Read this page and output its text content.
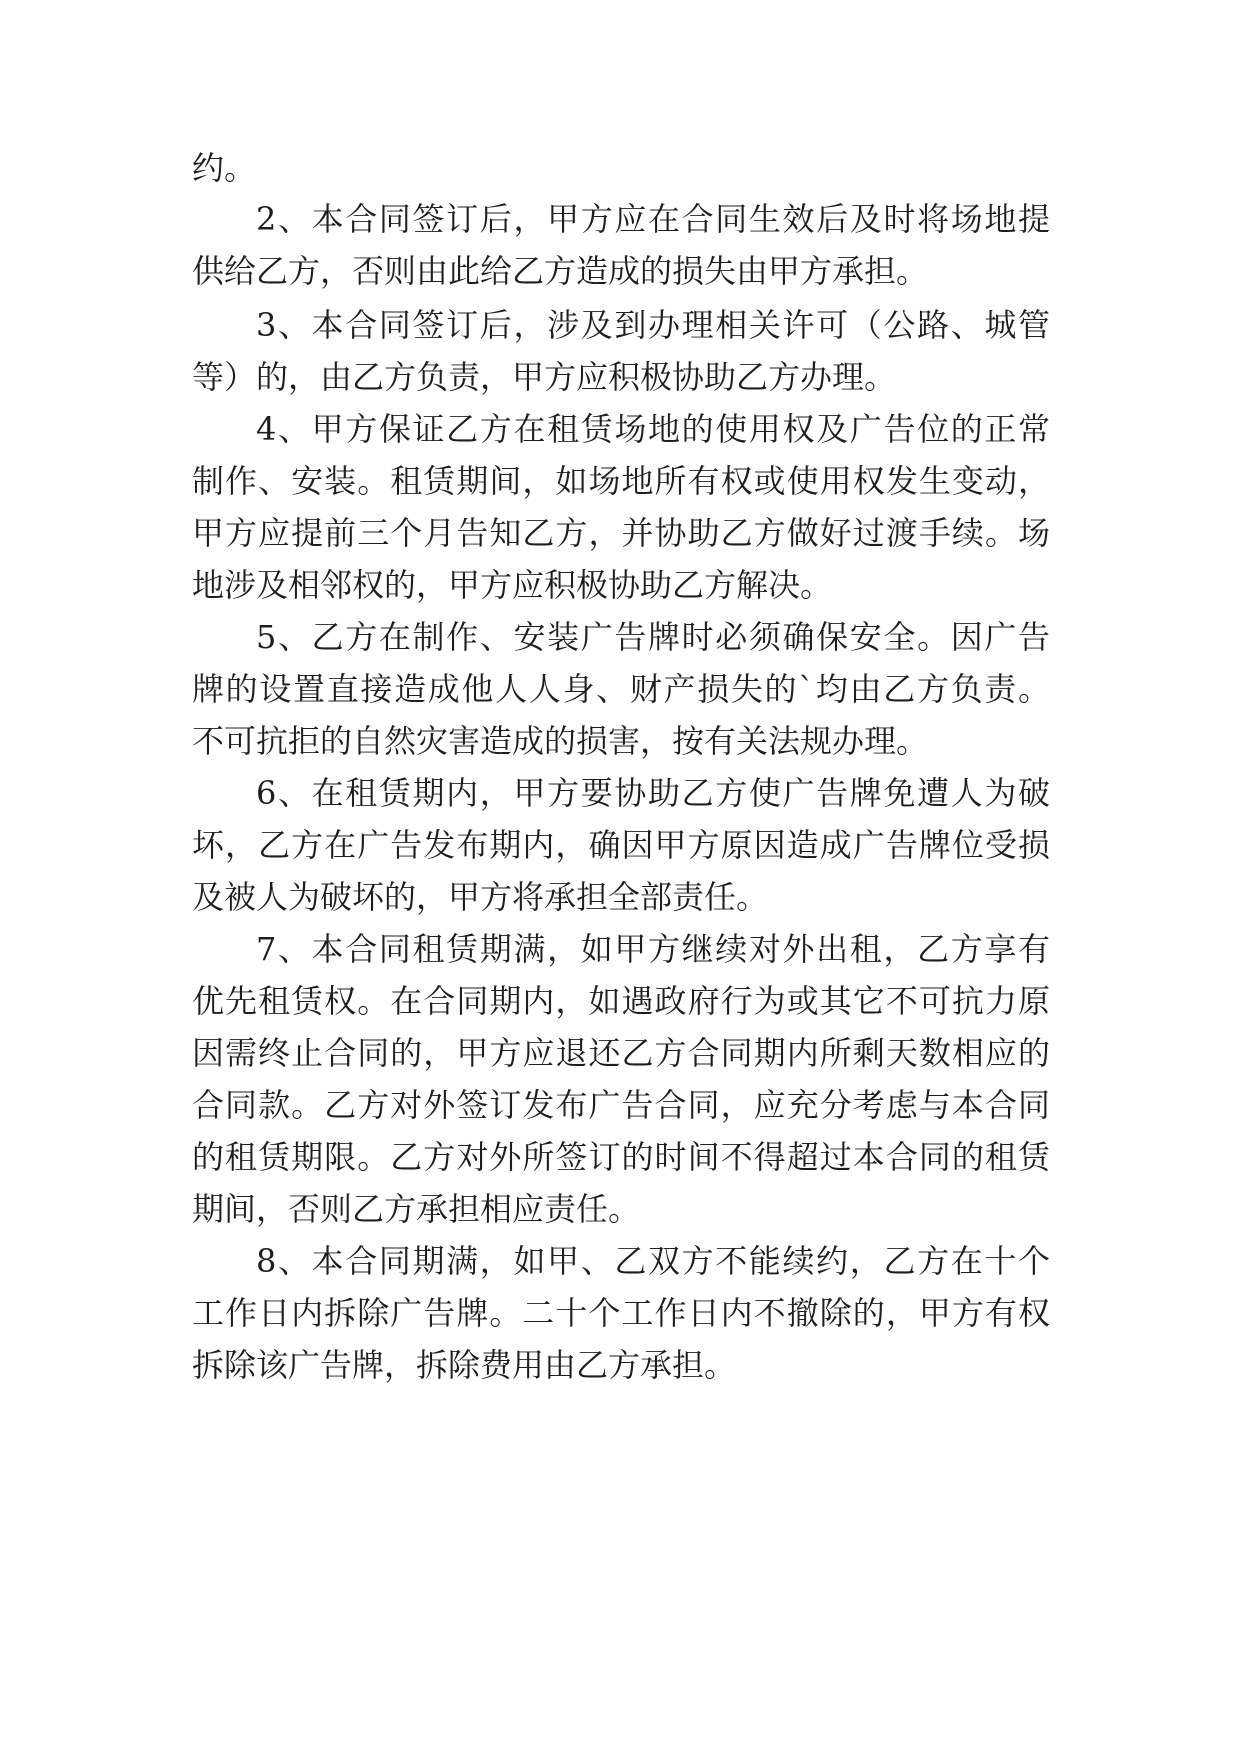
约。

2、本合同签订后，甲方应在合同生效后及时将场地提

供给乙方，否则由此给乙方造成的损失由甲方承担。

3、本合同签订后，涉及到办理相关许可（公路、城管

等）的，由乙方负责，甲方应积极协助乙方办理。

4、甲方保证乙方在租赁场地的使用权及广告位的正常

制作、安装。租赁期间，如场地所有权或使用权发生变动，

甲方应提前三个月告知乙方，并协助乙方做好过渡手续。场

地涉及相邻权的，甲方应积极协助乙方解决。

5、乙方在制作、安装广告牌时必须确保安全。因广告

牌的设置直接造成他人人身、财产损失的`均由乙方负责。

不可抗拒的自然灾害造成的损害，按有关法规办理。

6、在租赁期内，甲方要协助乙方使广告牌免遭人为破

坏，乙方在广告发布期内，确因甲方原因造成广告牌位受损

及被人为破坏的，甲方将承担全部责任。

7、本合同租赁期满，如甲方继续对外出租，乙方享有

优先租赁权。在合同期内，如遇政府行为或其它不可抗力原

因需终止合同的，甲方应退还乙方合同期内所剩天数相应的

合同款。乙方对外签订发布广告合同，应充分考虑与本合同

的租赁期限。乙方对外所签订的时间不得超过本合同的租赁

期间，否则乙方承担相应责任。

8、本合同期满，如甲、乙双方不能续约，乙方在十个

工作日内拆除广告牌。二十个工作日内不撤除的，甲方有权

拆除该广告牌，拆除费用由乙方承担。
